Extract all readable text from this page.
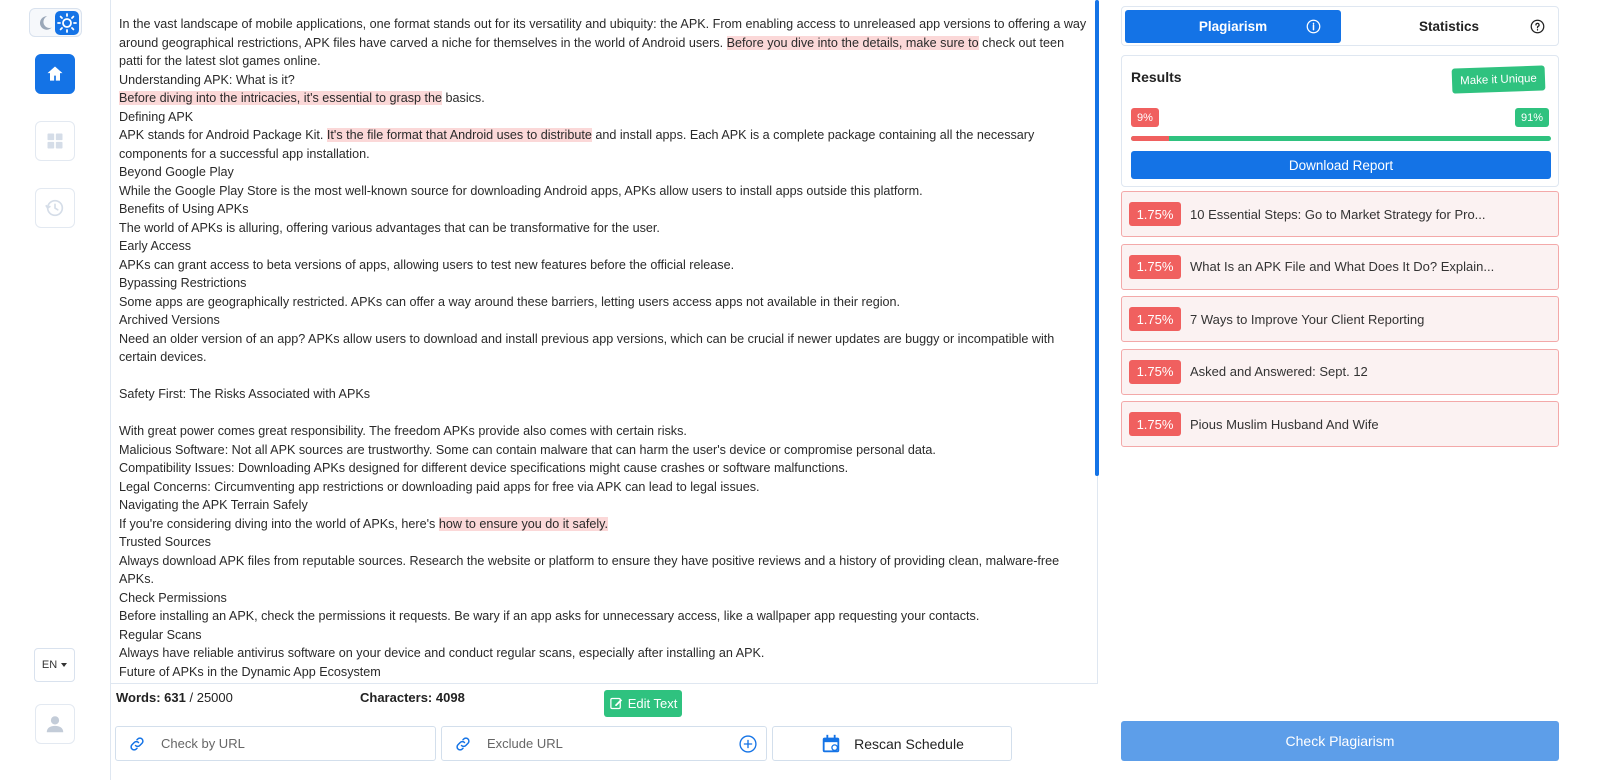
EN
In the vast landscape of mobile applications, one format stands out for its versatility and ubiquity: the APK. From enabling access to unreleased app versions to offering a way around geographical restrictions, APK files have carved a niche for themselves in the world of Android users. Before you dive into the details, make sure to check out teen patti for the latest slot games online.
Understanding APK: What is it?
Before diving into the intricacies, it's essential to grasp the basics.
Defining APK
APK stands for Android Package Kit. It's the file format that Android uses to distribute and install apps. Each APK is a complete package containing all the necessary components for a successful app installation.
Beyond Google Play
While the Google Play Store is the most well-known source for downloading Android apps, APKs allow users to install apps outside this platform.
Benefits of Using APKs
The world of APKs is alluring, offering various advantages that can be transformative for the user.
Early Access
APKs can grant access to beta versions of apps, allowing users to test new features before the official release.
Bypassing Restrictions
Some apps are geographically restricted. APKs can offer a way around these barriers, letting users access apps not available in their region.
Archived Versions
Need an older version of an app? APKs allow users to download and install previous app versions, which can be crucial if newer updates are buggy or incompatible with certain devices.
Safety First: The Risks Associated with APKs
With great power comes great responsibility. The freedom APKs provide also comes with certain risks.
Malicious Software: Not all APK sources are trustworthy. Some can contain malware that can harm the user's device or compromise personal data.
Compatibility Issues: Downloading APKs designed for different device specifications might cause crashes or software malfunctions.
Legal Concerns: Circumventing app restrictions or downloading paid apps for free via APK can lead to legal issues.
Navigating the APK Terrain Safely
If you're considering diving into the world of APKs, here's how to ensure you do it safely.
Trusted Sources
Always download APK files from reputable sources. Research the website or platform to ensure they have positive reviews and a history of providing clean, malware-free APKs.
Check Permissions
Before installing an APK, check the permissions it requests. Be wary if an app asks for unnecessary access, like a wallpaper app requesting your contacts.
Regular Scans
Always have reliable antivirus software on your device and conduct regular scans, especially after installing an APK.
Future of APKs in the Dynamic App Ecosystem
Words: 631 / 25000	Characters: 4098	Edit Text
Check by URL	Exclude URL	Rescan Schedule
Plagiarism	Statistics
Results	Make it Unique
9%	91%
Download Report
1.75%	10 Essential Steps: Go to Market Strategy for Pro...
1.75%	What Is an APK File and What Does It Do? Explain...
1.75%	7 Ways to Improve Your Client Reporting
1.75%	Asked and Answered: Sept. 12
1.75%	Pious Muslim Husband And Wife
Check Plagiarism
